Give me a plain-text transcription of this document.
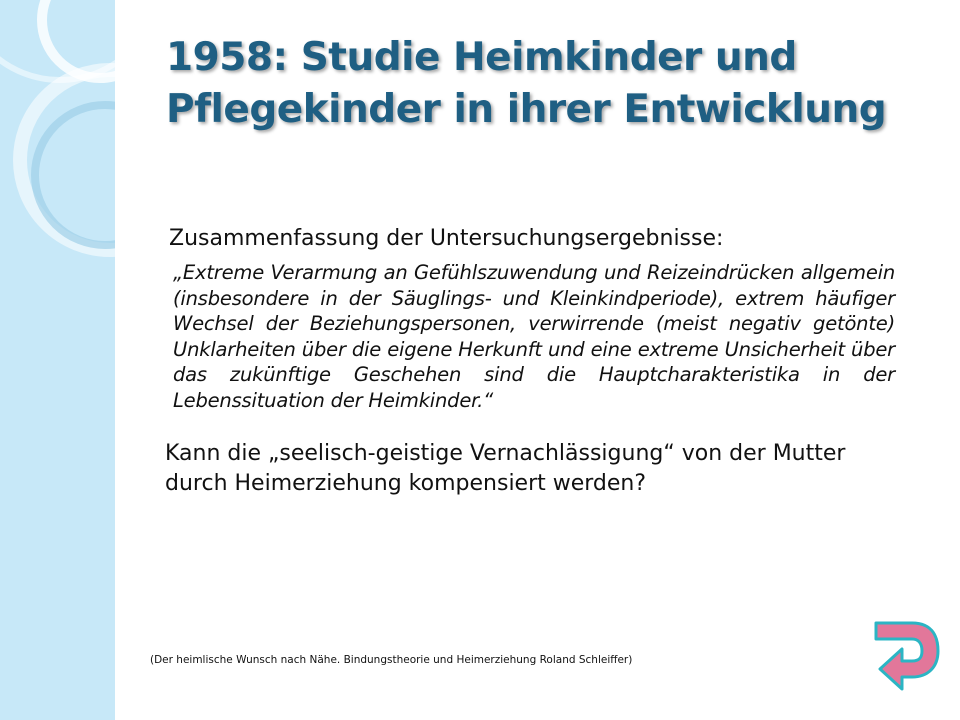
1958: Studie Heimkinder und Pflegekinder in ihrer Entwicklung

Zusammenfassung der Untersuchungsergebnisse:

„Extreme Verarmung an Gefühlszuwendung und Reizeindrücken allgemein (insbesondere in der Säuglings- und Kleinkindperiode), extrem häufiger Wechsel der Beziehungspersonen, verwirrende (meist negativ getönte) Unklarheiten über die eigene Herkunft und eine extreme Unsicherheit über das zukünftige Geschehen sind die Hauptcharakteristika in der Lebenssituation der Heimkinder.“

Kann die „seelisch-geistige Vernachlässigung“ von der Mutter durch Heimerziehung kompensiert werden?

(Der heimlische Wunsch nach Nähe. Bindungstheorie und Heimerziehung Roland Schleiffer)
